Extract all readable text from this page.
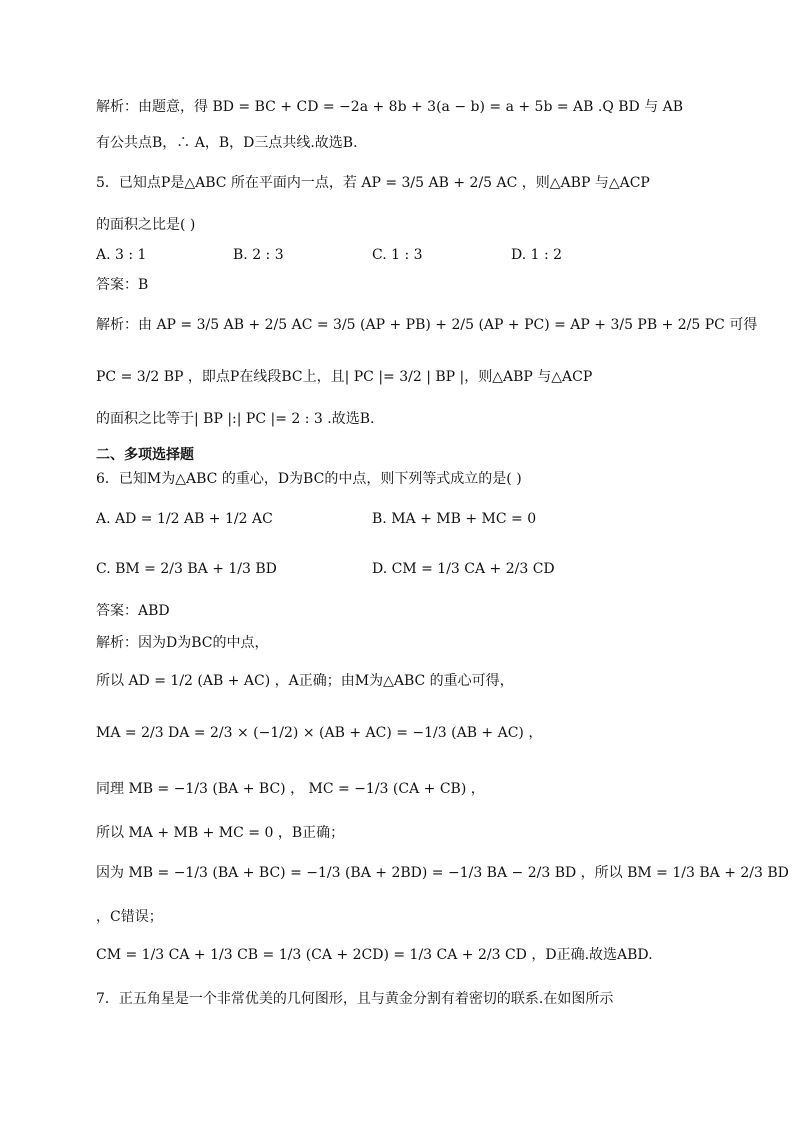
解析：由题意，得 BD = BC + CD = −2a + 8b + 3(a − b) = a + 5b = AB .Q BD 与 AB
有公共点B，∴ A，B，D三点共线.故选B.
5．已知点P是△ABC 所在平面内一点，若 AP = 3/5 AB + 2/5 AC ，则△ABP 与△ACP
的面积之比是( )
A. 3 : 1	B. 2 : 3	C. 1 : 3	D. 1 : 2
答案：B
解析：由 AP = 3/5 AB + 2/5 AC = 3/5 (AP + PB) + 2/5 (AP + PC) = AP + 3/5 PB + 2/5 PC 可得
PC = 3/2 BP ，即点P在线段BC上，且| PC |= 3/2 | BP |，则△ABP 与△ACP
的面积之比等于| BP |:| PC |= 2 : 3 .故选B.
二、多项选择题
6．已知M为△ABC 的重心，D为BC的中点，则下列等式成立的是( )
A. AD = 1/2 AB + 1/2 AC	B. MA + MB + MC = 0
C. BM = 2/3 BA + 1/3 BD	D. CM = 1/3 CA + 2/3 CD
答案：ABD
解析：因为D为BC的中点，
所以 AD = 1/2 (AB + AC) ，A正确；由M为△ABC 的重心可得，
MA = 2/3 DA = 2/3 × (−1/2) × (AB + AC) = −1/3 (AB + AC) ，
同理 MB = −1/3 (BA + BC) ， MC = −1/3 (CA + CB) ，
所以 MA + MB + MC = 0 ，B正确；
因为 MB = −1/3 (BA + BC) = −1/3 (BA + 2BD) = −1/3 BA − 2/3 BD ，所以 BM = 1/3 BA + 2/3 BD
，C错误；
CM = 1/3 CA + 1/3 CB = 1/3 (CA + 2CD) = 1/3 CA + 2/3 CD ，D正确.故选ABD.
7．正五角星是一个非常优美的几何图形，且与黄金分割有着密切的联系.在如图所示
